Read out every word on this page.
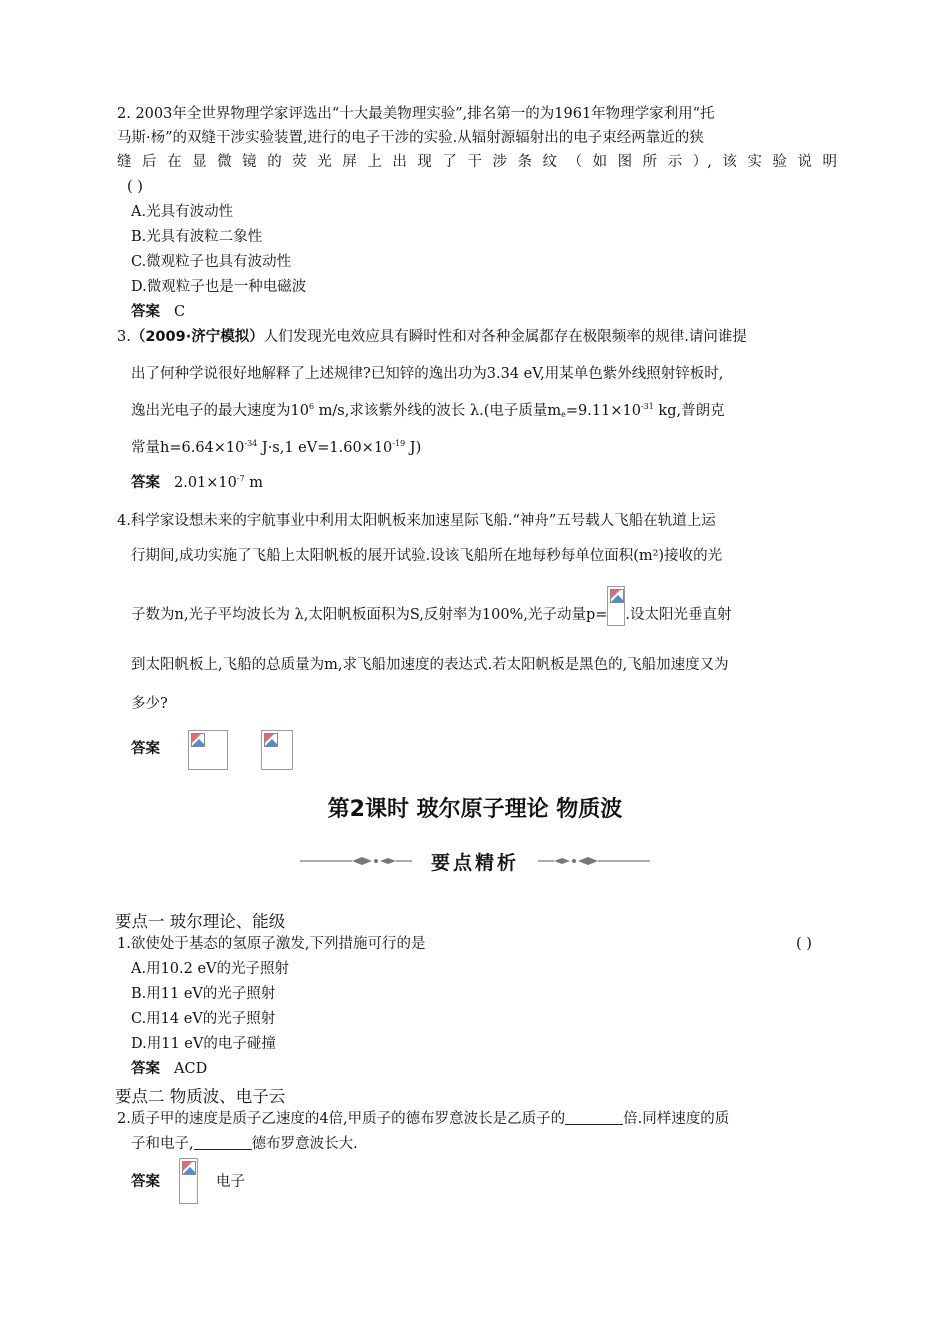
2. 2003年全世界物理学家评选出“十大最美物理实验”,排名第一的为1961年物理学家利用“托
马斯·杨”的双缝干涉实验装置,进行的电子干涉的实验.从辐射源辐射出的电子束经两靠近的狭
缝 后 在 显 微 镜 的 荧 光 屏 上 出 现 了 干 涉 条 纹 （ 如 图 所 示 ）, 该 实 验 说 明
( )
A.光具有波动性
B.光具有波粒二象性
C.微观粒子也具有波动性
D.微观粒子也是一种电磁波
答案 C
3.（2009·济宁模拟）人们发现光电效应具有瞬时性和对各种金属都存在极限频率的规律.请问谁提
出了何种学说很好地解释了上述规律?已知锌的逸出功为3.34 eV,用某单色紫外线照射锌板时,
逸出光电子的最大速度为$10^6$ m/s,求该紫外线的波长 λ.(电子质量$m_e=9.11\times 10^{-31}$ kg,普朗克
常量$h=6.64\times 10^{-34}$ J·s,1 $eV=1.60\times 10^{-19}$ J)
答案 $2.01\times 10^{-7}$ m
4.科学家设想未来的宇航事业中利用太阳帆板来加速星际飞船.“神舟”五号载人飞船在轨道上运
行期间,成功实施了飞船上太阳帆板的展开试验.设该飞船所在地每秒每单位面积(m²)接收的光
子数为n,光子平均波长为 λ,太阳帆板面积为S,反射率为100%,光子动量p= .设太阳光垂直射
到太阳帆板上,飞船的总质量为m,求飞船加速度的表达式.若太阳帆板是黑色的,飞船加速度又为
多少?
答案
第2课时 玻尔原子理论 物质波
要点精析
要点一 玻尔理论、能级
1.欲使处于基态的氢原子激发,下列措施可行的是	( )
A.用10.2 eV的光子照射
B.用11 eV的光子照射
C.用14 eV的光子照射
D.用11 eV的电子碰撞
答案 ACD
要点二 物质波、电子云
2.质子甲的速度是质子乙速度的4倍,甲质子的德布罗意波长是乙质子的	倍.同样速度的质
子和电子,	德布罗意波长大.
答案	电子
